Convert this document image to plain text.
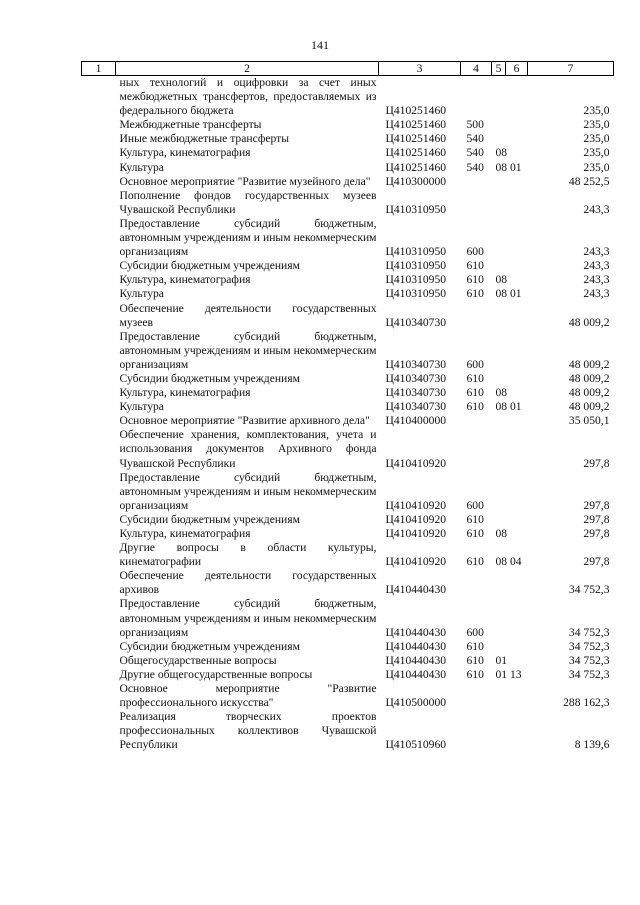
141
1	2	3	4	5	6	7
	ных технологий и оцифровки за счет иных межбюджетных трансфертов, предоставляемых из федерального бюджета	Ц410251460				235,0
	Межбюджетные трансферты	Ц410251460	500			235,0
	Иные межбюджетные трансферты	Ц410251460	540			235,0
	Культура, кинематография	Ц410251460	540	08		235,0
	Культура	Ц410251460	540	08 01		235,0
	Основное мероприятие "Развитие музейного дела"	Ц410300000				48 252,5
	Пополнение фондов государственных музеев Чувашской Республики	Ц410310950				243,3
	Предоставление субсидий бюджетным, автономным учреждениям и иным некоммерческим организациям	Ц410310950	600			243,3
	Субсидии бюджетным учреждениям	Ц410310950	610			243,3
	Культура, кинематография	Ц410310950	610	08		243,3
	Культура	Ц410310950	610	08 01		243,3
	Обеспечение деятельности государственных музеев	Ц410340730				48 009,2
	Предоставление субсидий бюджетным, автономным учреждениям и иным некоммерческим организациям	Ц410340730	600			48 009,2
	Субсидии бюджетным учреждениям	Ц410340730	610			48 009,2
	Культура, кинематография	Ц410340730	610	08		48 009,2
	Культура	Ц410340730	610	08 01		48 009,2
	Основное мероприятие "Развитие архивного дела"	Ц410400000				35 050,1
	Обеспечение хранения, комплектования, учета и использования документов Архивного фонда Чувашской Республики	Ц410410920				297,8
	Предоставление субсидий бюджетным, автономным учреждениям и иным некоммерческим организациям	Ц410410920	600			297,8
	Субсидии бюджетным учреждениям	Ц410410920	610			297,8
	Культура, кинематография	Ц410410920	610	08		297,8
	Другие вопросы в области культуры, кинематографии	Ц410410920	610	08 04		297,8
	Обеспечение деятельности государственных архивов	Ц410440430				34 752,3
	Предоставление субсидий бюджетным, автономным учреждениям и иным некоммерческим организациям	Ц410440430	600			34 752,3
	Субсидии бюджетным учреждениям	Ц410440430	610			34 752,3
	Общегосударственные вопросы	Ц410440430	610	01		34 752,3
	Другие общегосударственные вопросы	Ц410440430	610	01 13		34 752,3
	Основное мероприятие "Развитие профессионального искусства"	Ц410500000				288 162,3
	Реализация творческих проектов профессиональных коллективов Чувашской Республики	Ц410510960				8 139,6
